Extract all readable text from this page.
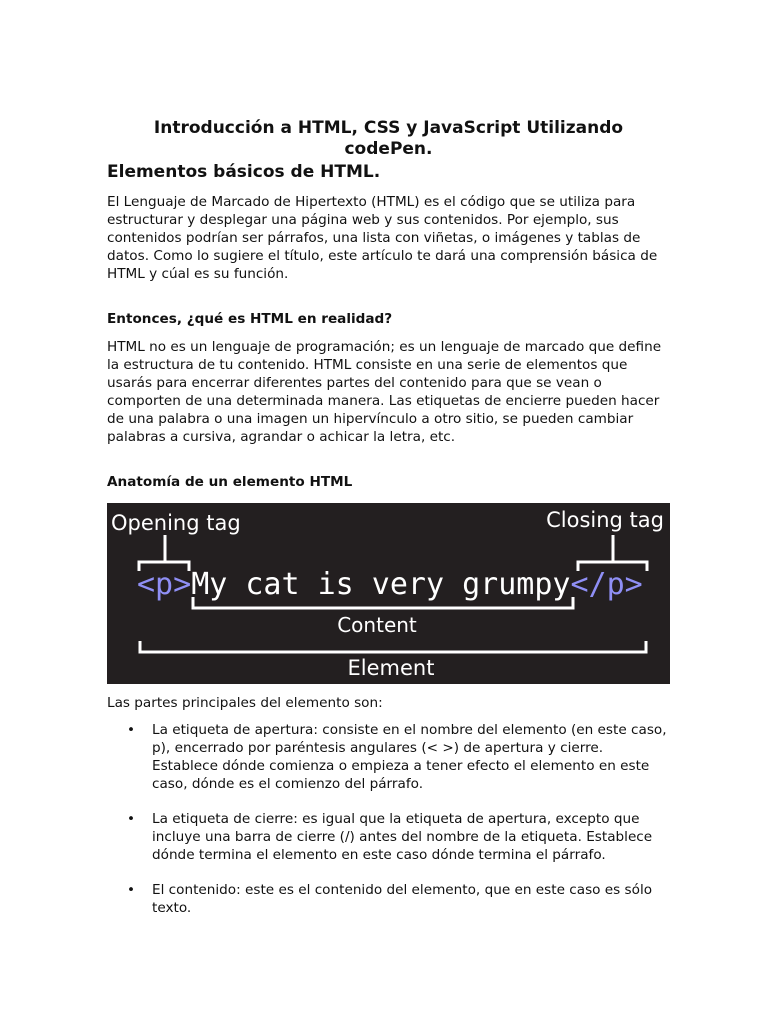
Introducción a HTML, CSS y JavaScript Utilizando codePen.
Elementos básicos de HTML.

El Lenguaje de Marcado de Hipertexto (HTML) es el código que se utiliza para estructurar y desplegar una página web y sus contenidos. Por ejemplo, sus contenidos podrían ser párrafos, una lista con viñetas, o imágenes y tablas de datos. Como lo sugiere el título, este artículo te dará una comprensión básica de HTML y cúal es su función.

Entonces, ¿qué es HTML en realidad?

HTML no es un lenguaje de programación; es un lenguaje de marcado que define la estructura de tu contenido. HTML consiste en una serie de elementos que usarás para encerrar diferentes partes del contenido para que se vean o comporten de una determinada manera. Las etiquetas de encierre pueden hacer de una palabra o una imagen un hipervínculo a otro sitio, se pueden cambiar palabras a cursiva, agrandar o achicar la letra, etc.

Anatomía de un elemento HTML
Opening tag	Closing tag
<p>My cat is very grumpy</p>
Content
Element

Las partes principales del elemento son:

• La etiqueta de apertura: consiste en el nombre del elemento (en este caso, p), encerrado por paréntesis angulares (< >) de apertura y cierre. Establece dónde comienza o empieza a tener efecto el elemento en este caso, dónde es el comienzo del párrafo.
• La etiqueta de cierre: es igual que la etiqueta de apertura, excepto que incluye una barra de cierre (/) antes del nombre de la etiqueta. Establece dónde termina el elemento en este caso dónde termina el párrafo.
• El contenido: este es el contenido del elemento, que en este caso es sólo texto.
